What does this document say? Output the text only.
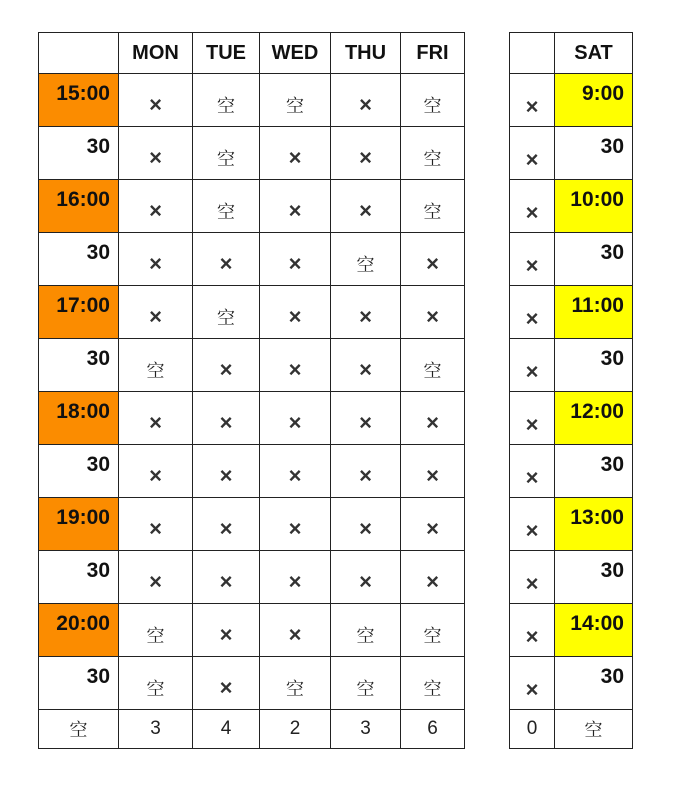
	MON	TUE	WED	THU	FRI

15:00	×	空	空	×	空

30	×	空	×	×	空

16:00	×	空	×	×	空

30	×	×	×	空	×

17:00	×	空	×	×	×

30	空	×	×	×	空

18:00	×	×	×	×	×

30	×	×	×	×	×

19:00	×	×	×	×	×

30	×	×	×	×	×

20:00	空	×	×	空	空

30	空	×	空	空	空

空	3	4	2	3	6
	SAT

×	9:00

×	30

×	10:00

×	30

×	11:00

×	30

×	12:00

×	30

×	13:00

×	30

×	14:00

×	30

0	空
